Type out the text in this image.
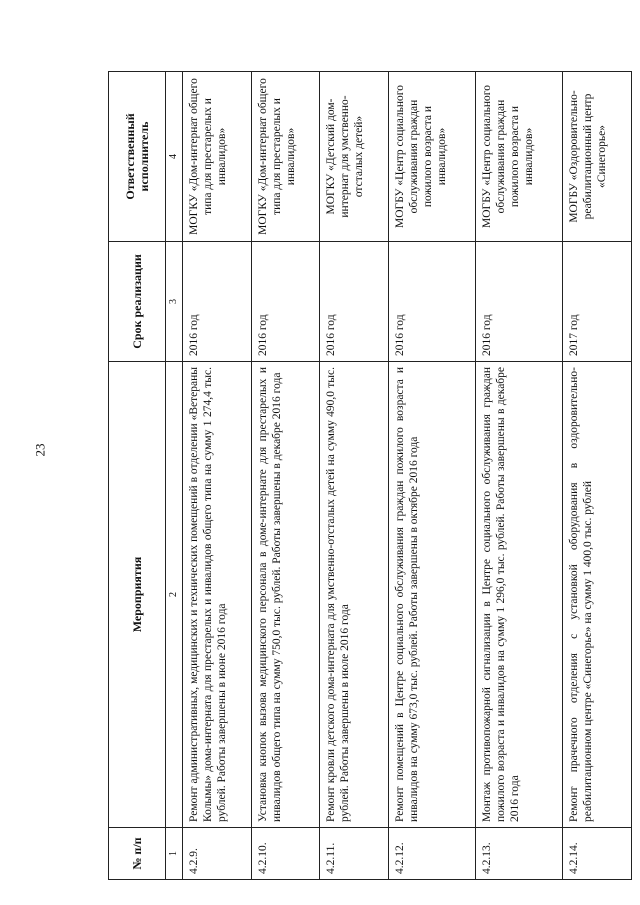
23
№ п/п	Мероприятия	Срок реализации	Ответственный исполнитель
1	2	3	4
4.2.9.	Ремонт административных, медицинских и технических помещений в отделении «Ветераны Колымы» дома-интерната для престарелых и инвалидов общего типа на сумму 1 274,4 тыс. рублей. Работы завершены в июне 2016 года	2016 год	МОГКУ «Дом-интернат общего типа для престарелых и инвалидов»
4.2.10.	Установка кнопок вызова медицинского персонала в доме-интернате для престарелых и инвалидов общего типа на сумму 750,0 тыс. рублей. Работы завершены в декабре 2016 года	2016 год	МОГКУ «Дом-интернат общего типа для престарелых и инвалидов»
4.2.11.	Ремонт кровли детского дома-интерната для умственно-отсталых детей на сумму 490,0 тыс. рублей. Работы завершены в июле 2016 года	2016 год	МОГКУ «Детский дом-интернат для умственно-отсталых детей»
4.2.12.	Ремонт помещений в Центре социального обслуживания граждан пожилого возраста и инвалидов на сумму 673,0 тыс. рублей. Работы завершены в октябре 2016 года	2016 год	МОГБУ «Центр социального обслуживания граждан пожилого возраста и инвалидов»
4.2.13.	Монтаж противопожарной сигнализации в Центре социального обслуживания граждан пожилого возраста и инвалидов на сумму 1 296,0 тыс. рублей. Работы завершены в декабре 2016 года	2016 год	МОГБУ «Центр социального обслуживания граждан пожилого возраста и инвалидов»
4.2.14.	Ремонт прачечного отделения с установкой оборудования в оздоровительно-реабилитационном центре «Синегорье» на сумму 1 400,0 тыс. рублей	2017 год	МОГБУ «Оздоровительно-реабилитационный центр «Синегорье»
